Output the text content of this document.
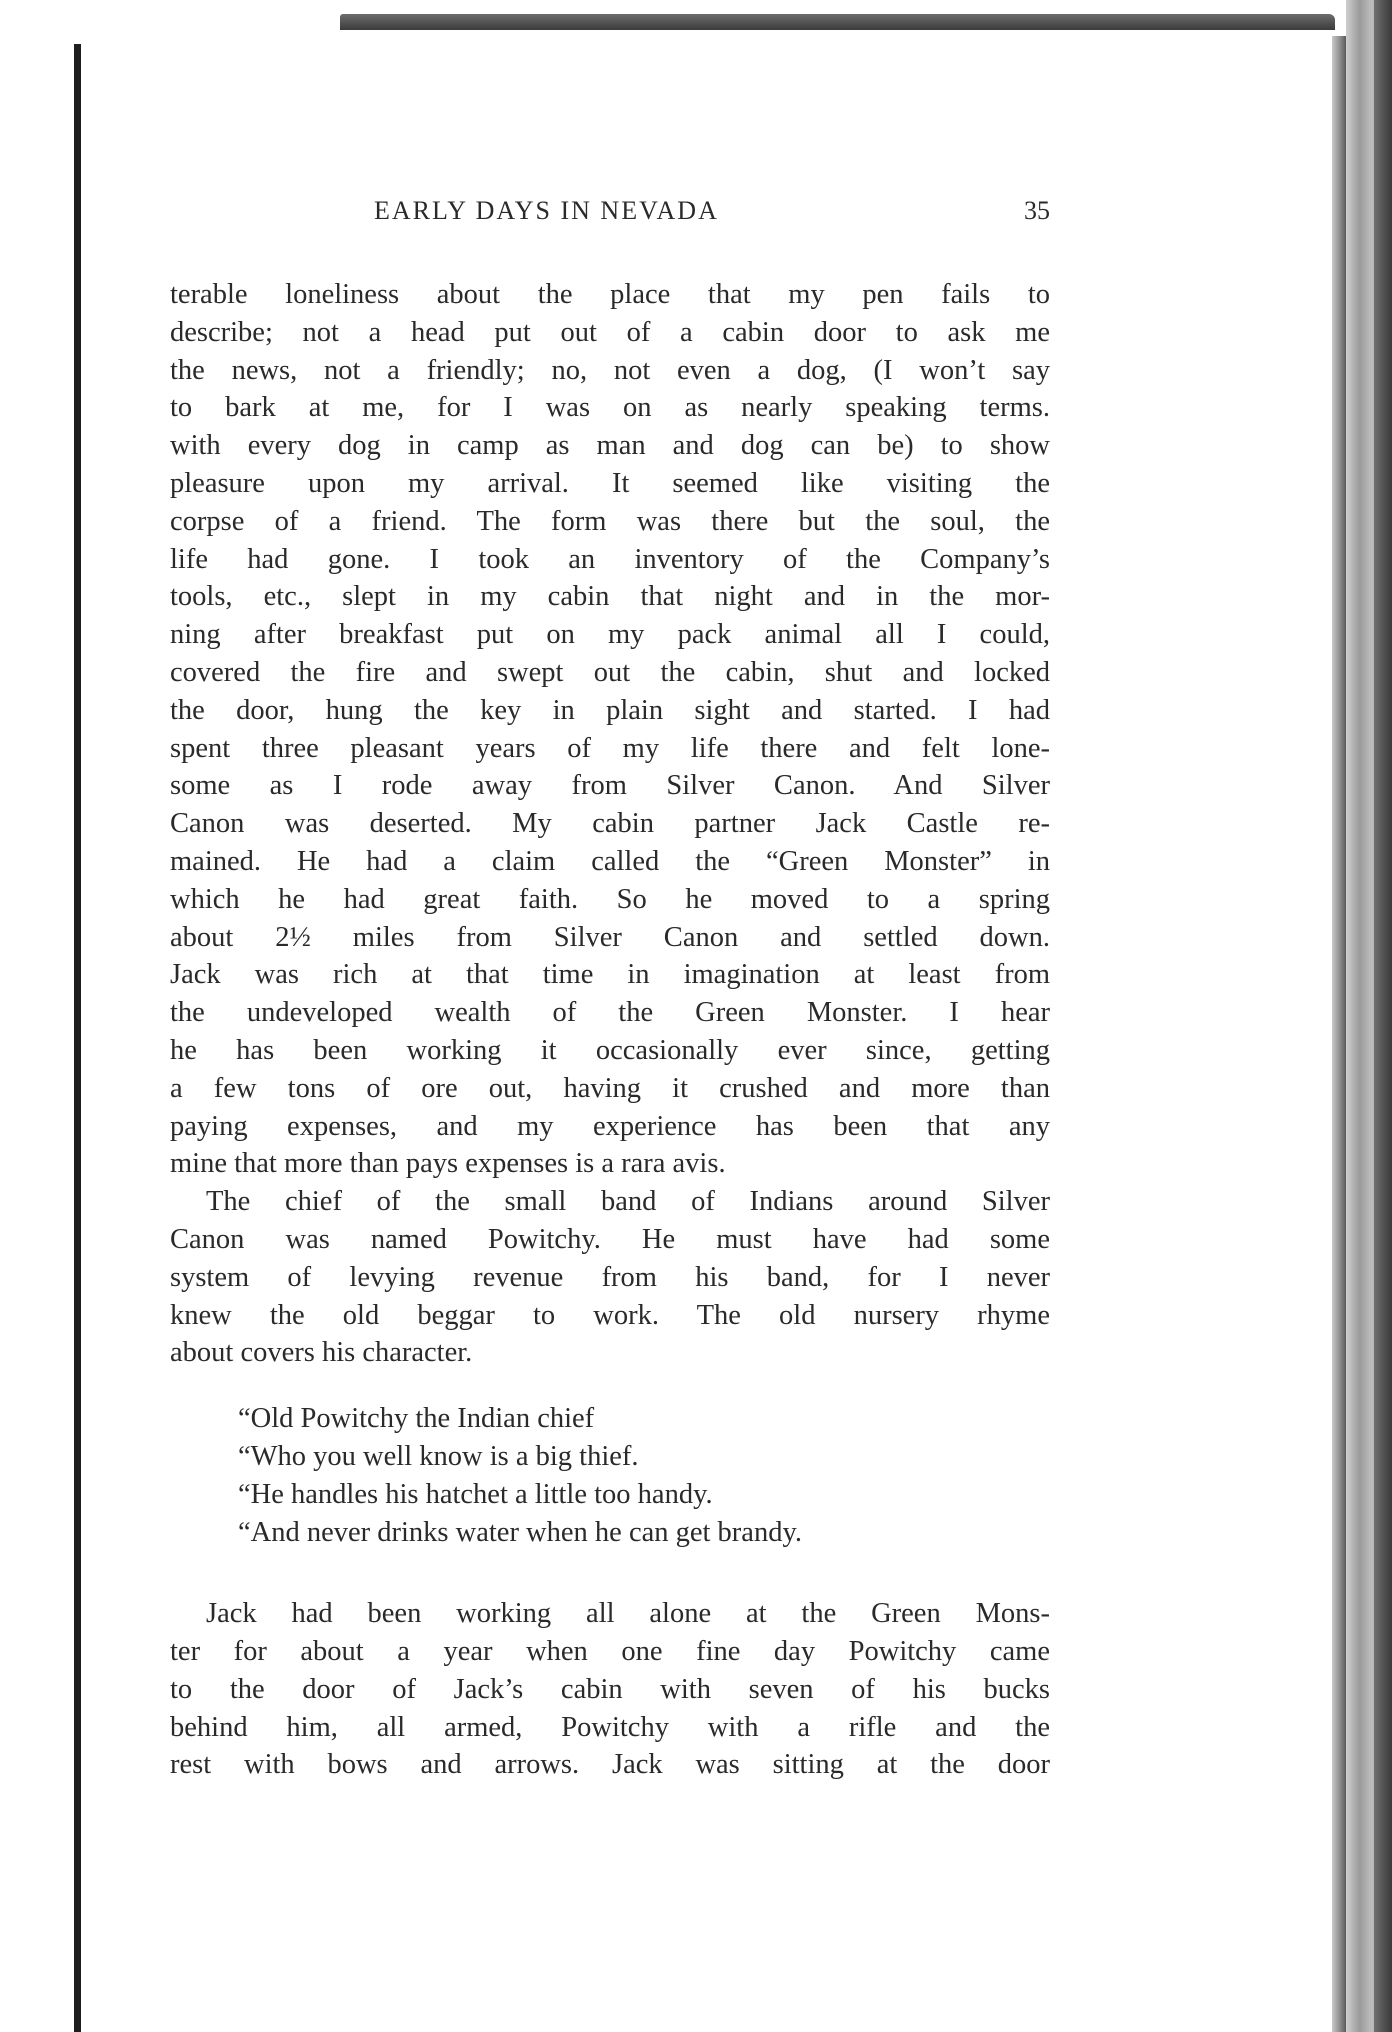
EARLY DAYS IN NEVADA	35
terable loneliness about the place that my pen fails to
describe; not a head put out of a cabin door to ask me
the news, not a friendly; no, not even a dog, (I won’t say
to bark at me, for I was on as nearly speaking terms.
with every dog in camp as man and dog can be) to show
pleasure upon my arrival. It seemed like visiting the
corpse of a friend. The form was there but the soul, the
life had gone. I took an inventory of the Company’s
tools, etc., slept in my cabin that night and in the mor-
ning after breakfast put on my pack animal all I could,
covered the fire and swept out the cabin, shut and locked
the door, hung the key in plain sight and started. I had
spent three pleasant years of my life there and felt lone-
some as I rode away from Silver Canon. And Silver
Canon was deserted. My cabin partner Jack Castle re-
mained. He had a claim called the “Green Monster” in
which he had great faith. So he moved to a spring
about 2½ miles from Silver Canon and settled down.
Jack was rich at that time in imagination at least from
the undeveloped wealth of the Green Monster. I hear
he has been working it occasionally ever since, getting
a few tons of ore out, having it crushed and more than
paying expenses, and my experience has been that any
mine that more than pays expenses is a rara avis.
The chief of the small band of Indians around Silver
Canon was named Powitchy. He must have had some
system of levying revenue from his band, for I never
knew the old beggar to work. The old nursery rhyme
about covers his character.
“Old Powitchy the Indian chief
“Who you well know is a big thief.
“He handles his hatchet a little too handy.
“And never drinks water when he can get brandy.
Jack had been working all alone at the Green Mons-
ter for about a year when one fine day Powitchy came
to the door of Jack’s cabin with seven of his bucks
behind him, all armed, Powitchy with a rifle and the
rest with bows and arrows. Jack was sitting at the door
